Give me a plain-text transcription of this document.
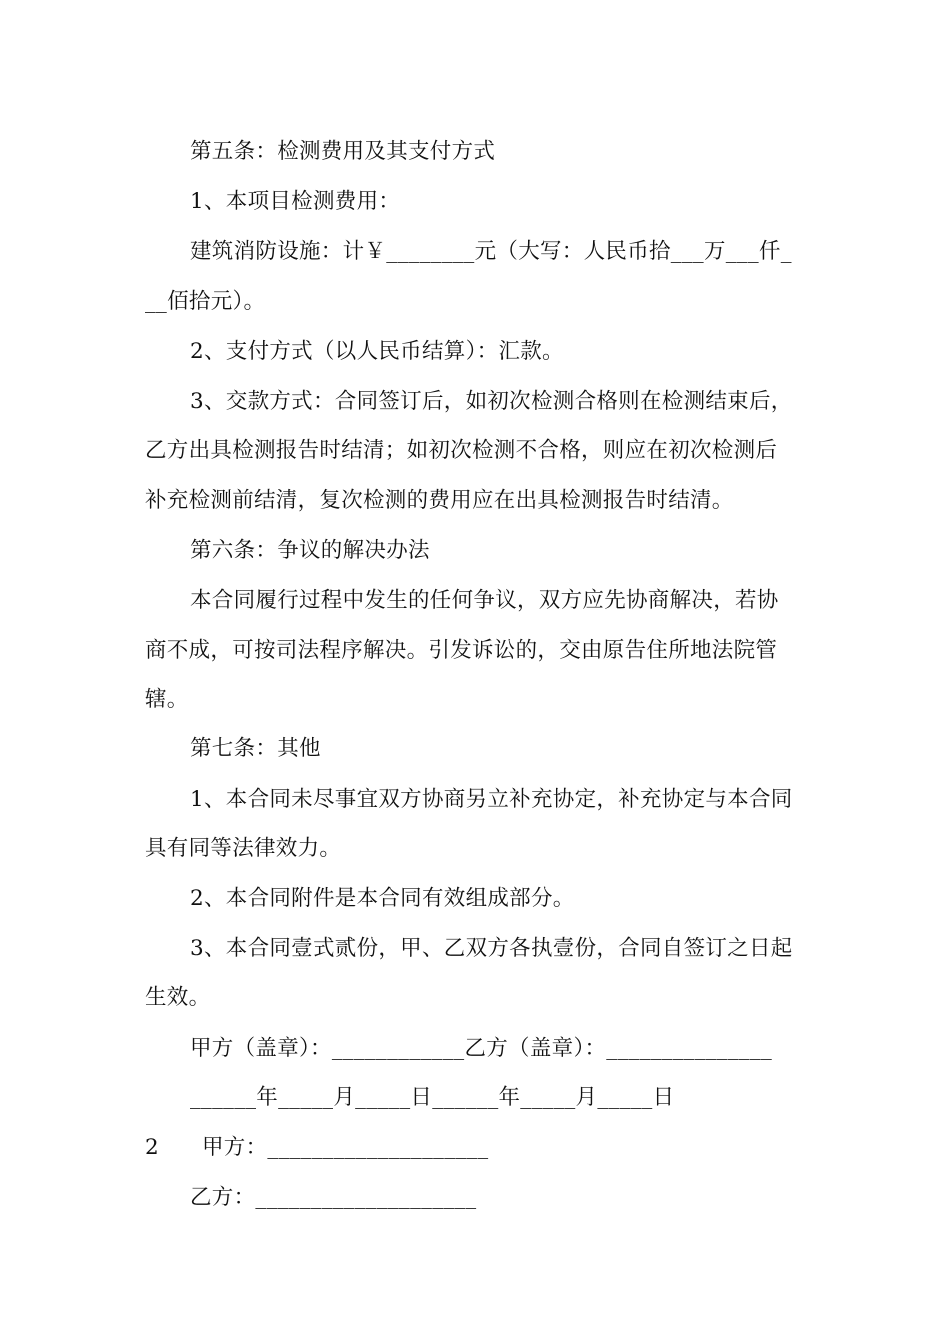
第五条：检测费用及其支付方式
1、本项目检测费用：
建筑消防设施：计￥________元（大写：人民币拾___万___仟_
__佰拾元）。
2、支付方式（以人民币结算）：汇款。
3、交款方式：合同签订后，如初次检测合格则在检测结束后，
乙方出具检测报告时结清；如初次检测不合格，则应在初次检测后
补充检测前结清，复次检测的费用应在出具检测报告时结清。
第六条：争议的解决办法
本合同履行过程中发生的任何争议，双方应先协商解决，若协
商不成，可按司法程序解决。引发诉讼的，交由原告住所地法院管
辖。
第七条：其他
1、本合同未尽事宜双方协商另立补充协定，补充协定与本合同
具有同等法律效力。
2、本合同附件是本合同有效组成部分。
3、本合同壹式贰份，甲、乙双方各执壹份，合同自签订之日起
生效。
甲方（盖章）：____________乙方（盖章）：_______________
______年_____月_____日______年_____月_____日
2 甲方：____________________
乙方：____________________
